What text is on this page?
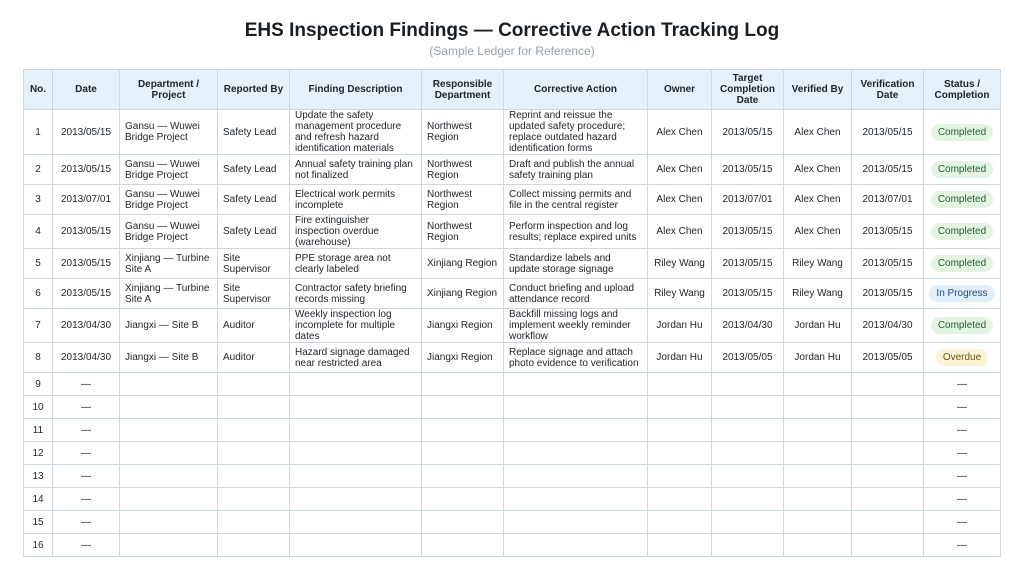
EHS Inspection Findings — Corrective Action Tracking Log
(Sample Ledger for Reference)
No.	Date	Department / Project	Reported By	Finding Description	Responsible Department	Corrective Action	Owner	Target Completion Date	Verified By	Verification Date	Status / Completion
1	2013/05/15	Gansu — Wuwei Bridge Project	Safety Lead	Update the safety management procedure and refresh hazard identification materials	Northwest Region	Reprint and reissue the updated safety procedure; replace outdated hazard identification forms	Alex Chen	2013/05/15	Alex Chen	2013/05/15	Completed
2	2013/05/15	Gansu — Wuwei Bridge Project	Safety Lead	Annual safety training plan not finalized	Northwest Region	Draft and publish the annual safety training plan	Alex Chen	2013/05/15	Alex Chen	2013/05/15	Completed
3	2013/07/01	Gansu — Wuwei Bridge Project	Safety Lead	Electrical work permits incomplete	Northwest Region	Collect missing permits and file in the central register	Alex Chen	2013/07/01	Alex Chen	2013/07/01	Completed
4	2013/05/15	Gansu — Wuwei Bridge Project	Safety Lead	Fire extinguisher inspection overdue (warehouse)	Northwest Region	Perform inspection and log results; replace expired units	Alex Chen	2013/05/15	Alex Chen	2013/05/15	Completed
5	2013/05/15	Xinjiang — Turbine Site A	Site Supervisor	PPE storage area not clearly labeled	Xinjiang Region	Standardize labels and update storage signage	Riley Wang	2013/05/15	Riley Wang	2013/05/15	Completed
6	2013/05/15	Xinjiang — Turbine Site A	Site Supervisor	Contractor safety briefing records missing	Xinjiang Region	Conduct briefing and upload attendance record	Riley Wang	2013/05/15	Riley Wang	2013/05/15	In Progress
7	2013/04/30	Jiangxi — Site B	Auditor	Weekly inspection log incomplete for multiple dates	Jiangxi Region	Backfill missing logs and implement weekly reminder workflow	Jordan Hu	2013/04/30	Jordan Hu	2013/04/30	Completed
8	2013/04/30	Jiangxi — Site B	Auditor	Hazard signage damaged near restricted area	Jiangxi Region	Replace signage and attach photo evidence to verification	Jordan Hu	2013/05/05	Jordan Hu	2013/05/05	Overdue
9	—										—
10	—										—
11	—										—
12	—										—
13	—										—
14	—										—
15	—										—
16	—										—
